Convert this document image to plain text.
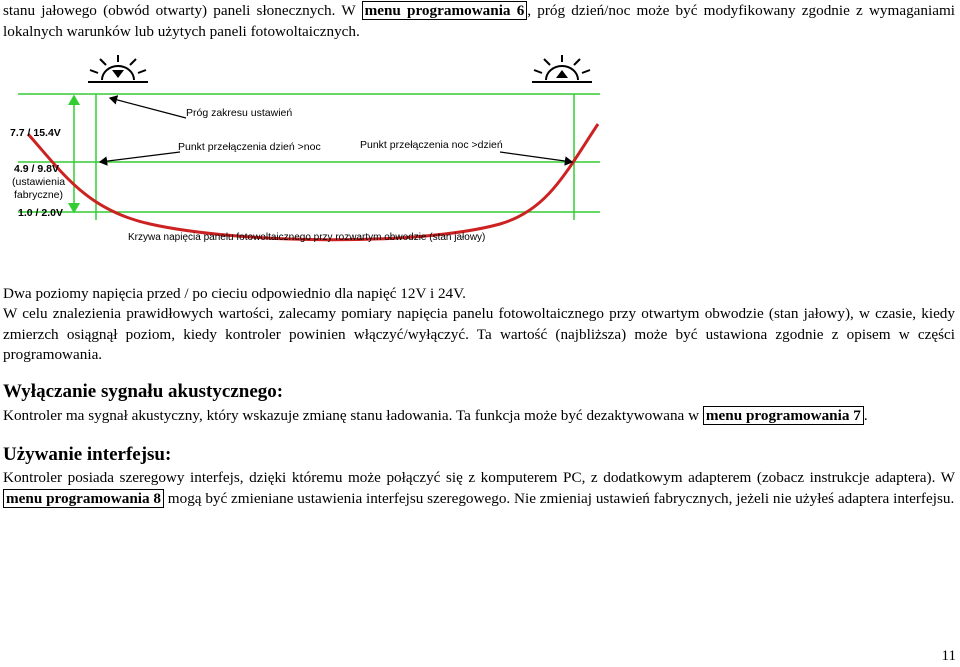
stanu jałowego (obwód otwarty) paneli słonecznych. W menu programowania 6 , próg dzień/noc może być modyfikowany zgodnie z wymaganiami lokalnych warunków lub użytych paneli fotowoltaicznych.

7.7 / 15.4V
4.9 / 9.8V
(ustawienia
fabryczne)
1.0 / 2.0V
Próg zakresu ustawień
Punkt przełączenia dzień >noc	Punkt przełączenia noc >dzień
Krzywa napięcia panelu fotowoltaicznego przy rozwartym obwodzie (stan jałowy)

Dwa poziomy napięcia przed / po cieciu odpowiednio dla napięć 12V i 24V.

W celu znalezienia prawidłowych wartości, zalecamy pomiary napięcia panelu fotowoltaicznego przy otwartym obwodzie (stan jałowy), w czasie, kiedy zmierzch osiągnął poziom, kiedy kontroler powinien włączyć/wyłączyć. Ta wartość (najbliższa) może być ustawiona zgodnie z opisem w części programowania.

Wyłączanie sygnału akustycznego:

Kontroler ma sygnał akustyczny, który wskazuje zmianę stanu ładowania. Ta funkcja może być dezaktywowana w menu programowania 7 .

Używanie interfejsu:

Kontroler posiada szeregowy interfejs, dzięki któremu może połączyć się z komputerem PC, z dodatkowym adapterem (zobacz instrukcje adaptera). W menu programowania 8 mogą być zmieniane ustawienia interfejsu szeregowego. Nie zmieniaj ustawień fabrycznych, jeżeli nie użyłeś adaptera interfejsu.

11
